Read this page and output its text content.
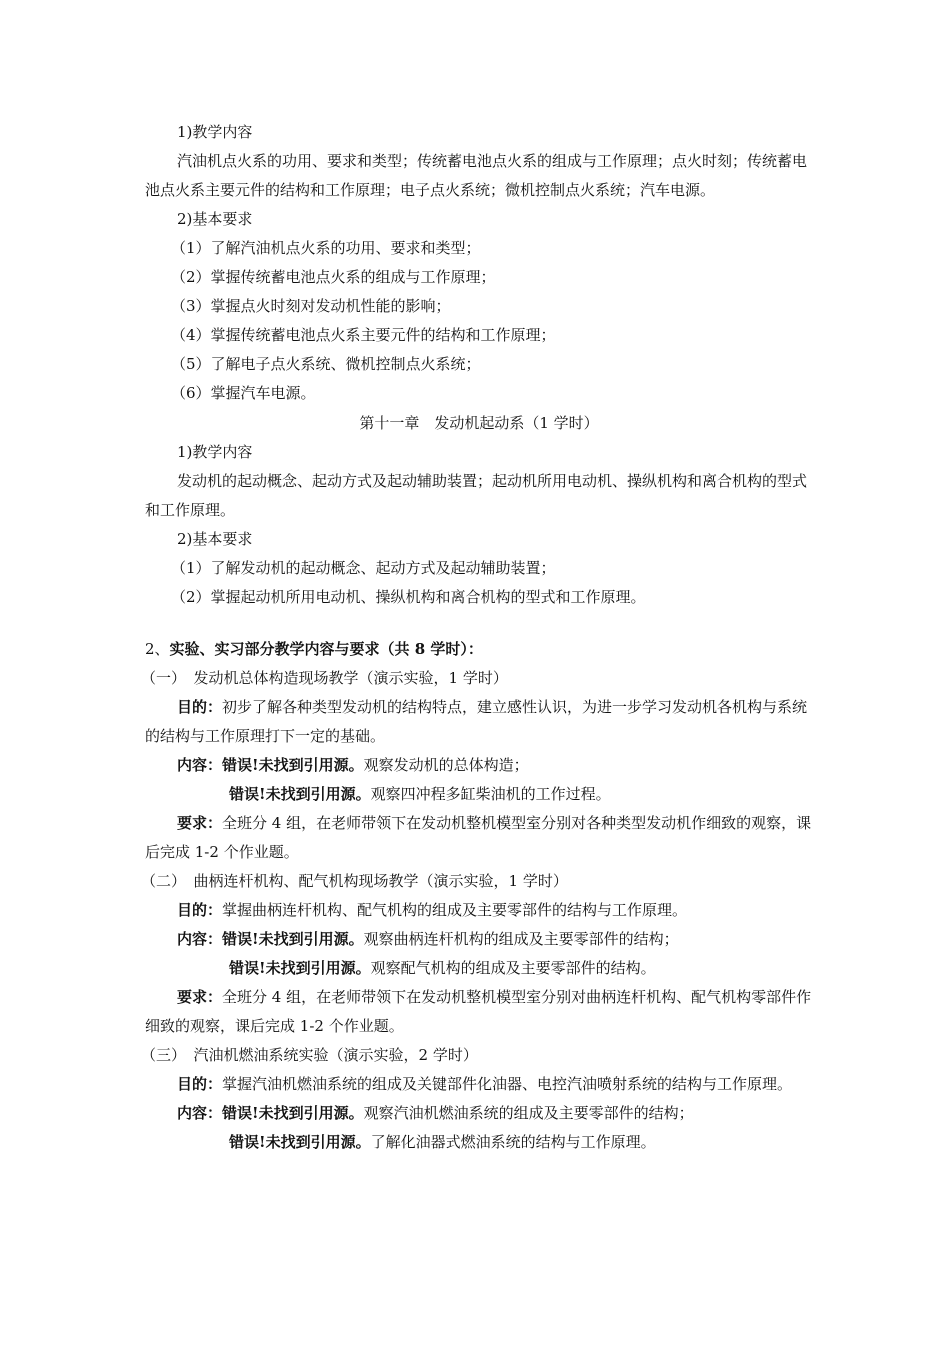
1)教学内容

汽油机点火系的功用、要求和类型；传统蓄电池点火系的组成与工作原理；点火时刻；传统蓄电池点火系主要元件的结构和工作原理；电子点火系统；微机控制点火系统；汽车电源。

2)基本要求

（1）了解汽油机点火系的功用、要求和类型；

（2）掌握传统蓄电池点火系的组成与工作原理；

（3）掌握点火时刻对发动机性能的影响；

（4）掌握传统蓄电池点火系主要元件的结构和工作原理；

（5）了解电子点火系统、微机控制点火系统；

（6）掌握汽车电源。

第十一章　发动机起动系（1 学时）

1)教学内容

发动机的起动概念、起动方式及起动辅助装置；起动机所用电动机、操纵机构和离合机构的型式和工作原理。

2)基本要求

（1）了解发动机的起动概念、起动方式及起动辅助装置；

（2）掌握起动机所用电动机、操纵机构和离合机构的型式和工作原理。

2、实验、实习部分教学内容与要求（共 8 学时）：

（一）　发动机总体构造现场教学（演示实验，1 学时）

目的：初步了解各种类型发动机的结构特点，建立感性认识，为进一步学习发动机各机构与系统的结构与工作原理打下一定的基础。

内容：错误!未找到引用源。观察发动机的总体构造；

错误!未找到引用源。观察四冲程多缸柴油机的工作过程。

要求：全班分 4 组，在老师带领下在发动机整机模型室分别对各种类型发动机作细致的观察，课后完成 1-2 个作业题。

（二）　曲柄连杆机构、配气机构现场教学（演示实验，1 学时）

目的：掌握曲柄连杆机构、配气机构的组成及主要零部件的结构与工作原理。

内容：错误!未找到引用源。观察曲柄连杆机构的组成及主要零部件的结构；

错误!未找到引用源。观察配气机构的组成及主要零部件的结构。

要求：全班分 4 组，在老师带领下在发动机整机模型室分别对曲柄连杆机构、配气机构零部件作细致的观察，课后完成 1-2 个作业题。

（三）　汽油机燃油系统实验（演示实验，2 学时）

目的：掌握汽油机燃油系统的组成及关键部件化油器、电控汽油喷射系统的结构与工作原理。

内容：错误!未找到引用源。观察汽油机燃油系统的组成及主要零部件的结构；

错误!未找到引用源。了解化油器式燃油系统的结构与工作原理。
